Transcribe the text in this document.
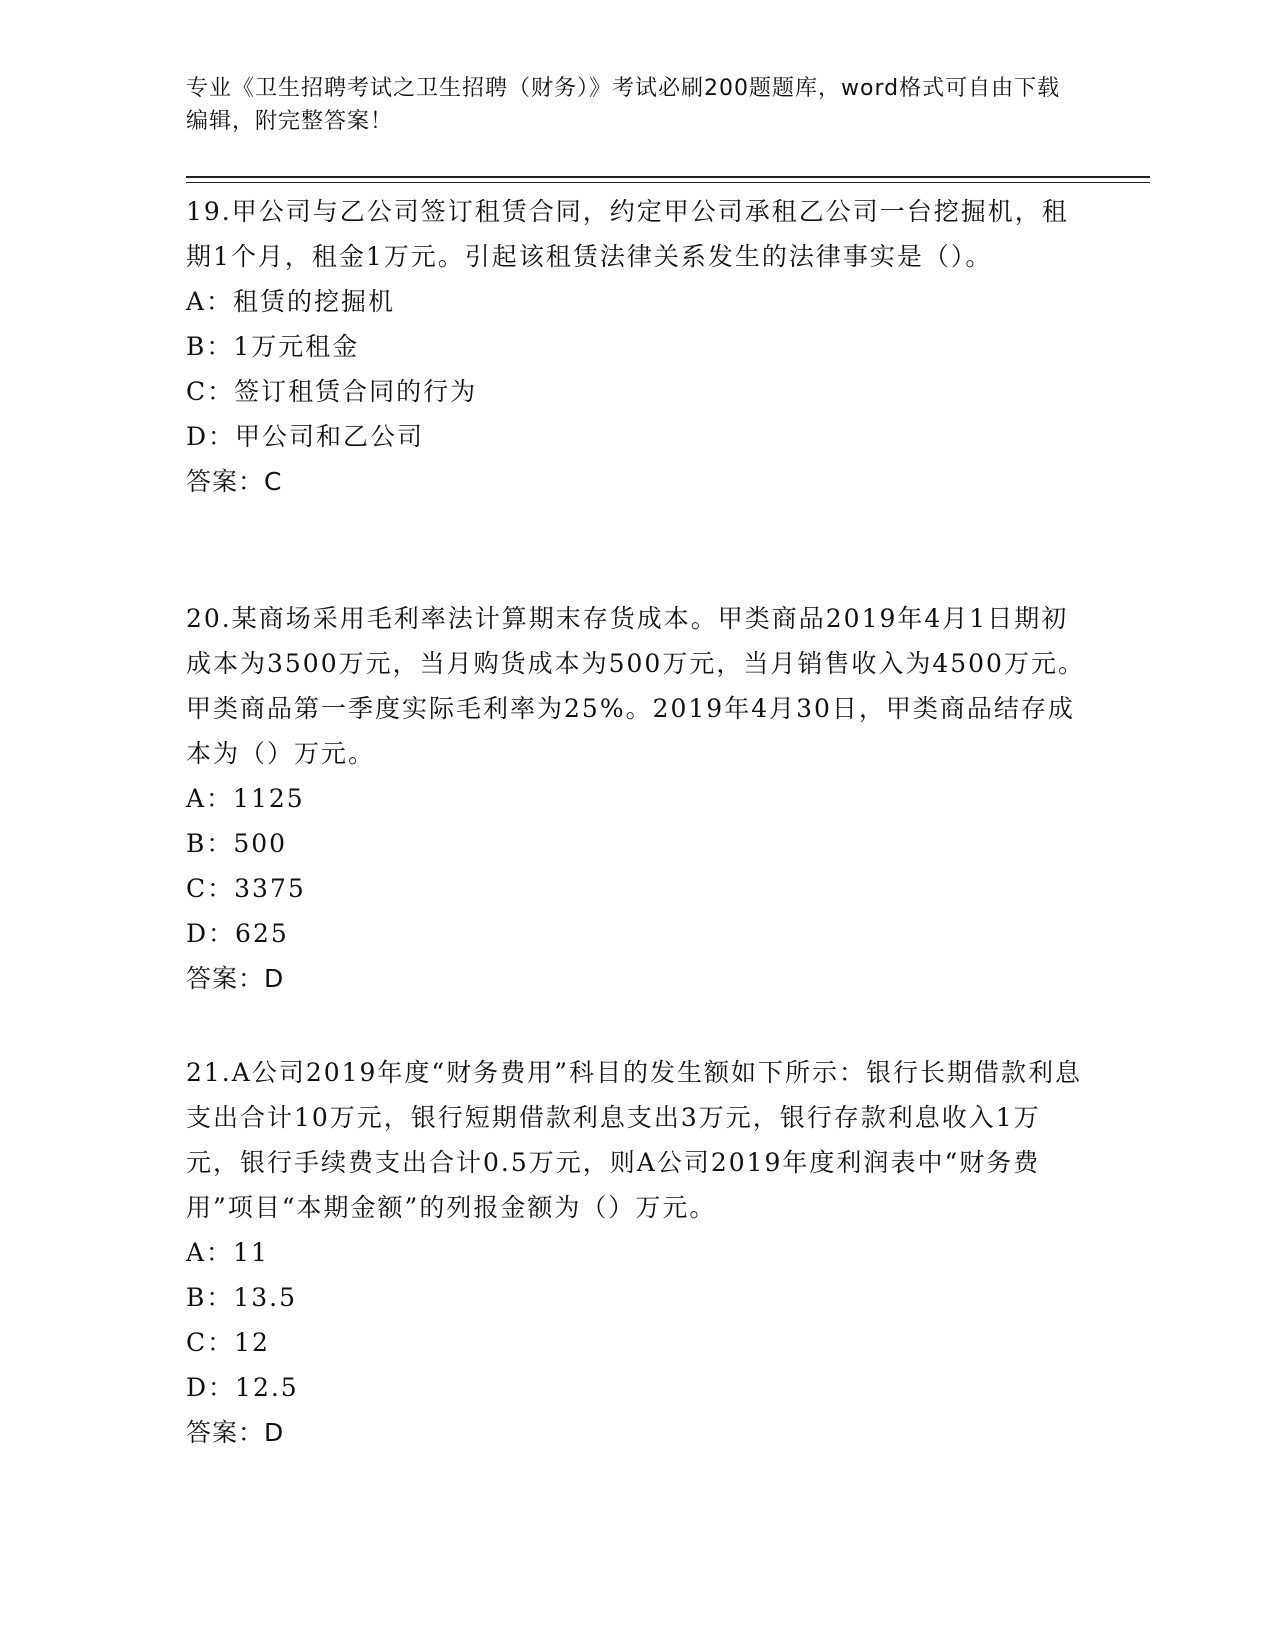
专业《卫生招聘考试之卫生招聘（财务）》考试必刷200题题库，word格式可自由下载编辑，附完整答案！

19.甲公司与乙公司签订租赁合同，约定甲公司承租乙公司一台挖掘机，租期1个月，租金1万元。引起该租赁法律关系发生的法律事实是（）。

A：租赁的挖掘机

B：1万元租金

C：签订租赁合同的行为

D：甲公司和乙公司

答案：C

20.某商场采用毛利率法计算期末存货成本。甲类商品2019年4月1日期初成本为3500万元，当月购货成本为500万元，当月销售收入为4500万元。甲类商品第一季度实际毛利率为25%。2019年4月30日，甲类商品结存成本为（）万元。

A：1125

B：500

C：3375

D：625

答案：D

21.A公司2019年度“财务费用”科目的发生额如下所示：银行长期借款利息支出合计10万元，银行短期借款利息支出3万元，银行存款利息收入1万元，银行手续费支出合计0.5万元，则A公司2019年度利润表中“财务费用”项目“本期金额”的列报金额为（）万元。

A：11

B：13.5

C：12

D：12.5

答案：D
